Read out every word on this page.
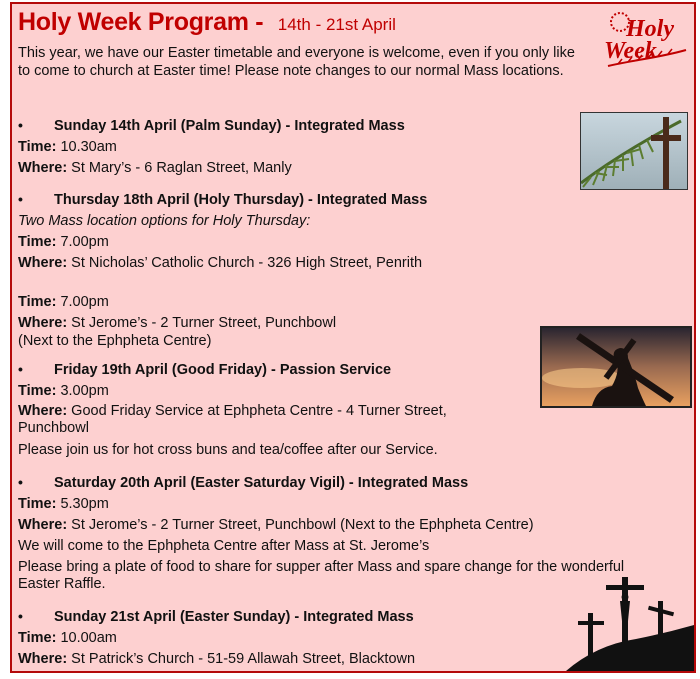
Holy Week Program - 14th - 21st April	Holy
Week
This year, we have our Easter timetable and everyone is welcome, even if you only like to come to church at Easter time! Please note changes to our normal Mass locations.
• Sunday 14th April (Palm Sunday) - Integrated Mass
Time: 10.30am
Where: St Mary’s - 6 Raglan Street, Manly
• Thursday 18th April (Holy Thursday) - Integrated Mass
Two Mass location options for Holy Thursday:
Time: 7.00pm
Where: St Nicholas’ Catholic Church - 326 High Street, Penrith
Time: 7.00pm
Where: St Jerome’s - 2 Turner Street, Punchbowl
(Next to the Ephpheta Centre)
• Friday 19th April (Good Friday) - Passion Service
Time: 3.00pm
Where: Good Friday Service at Ephpheta Centre - 4 Turner Street, Punchbowl
Please join us for hot cross buns and tea/coffee after our Service.
• Saturday 20th April (Easter Saturday Vigil) - Integrated Mass
Time: 5.30pm
Where: St Jerome’s - 2 Turner Street, Punchbowl (Next to the Ephpheta Centre)
We will come to the Ephpheta Centre after Mass at St. Jerome’s
Please bring a plate of food to share for supper after Mass and spare change for the wonderful Easter Raffle.
• Sunday 21st April (Easter Sunday) - Integrated Mass
Time: 10.00am
Where: St Patrick’s Church - 51-59 Allawah Street, Blacktown
